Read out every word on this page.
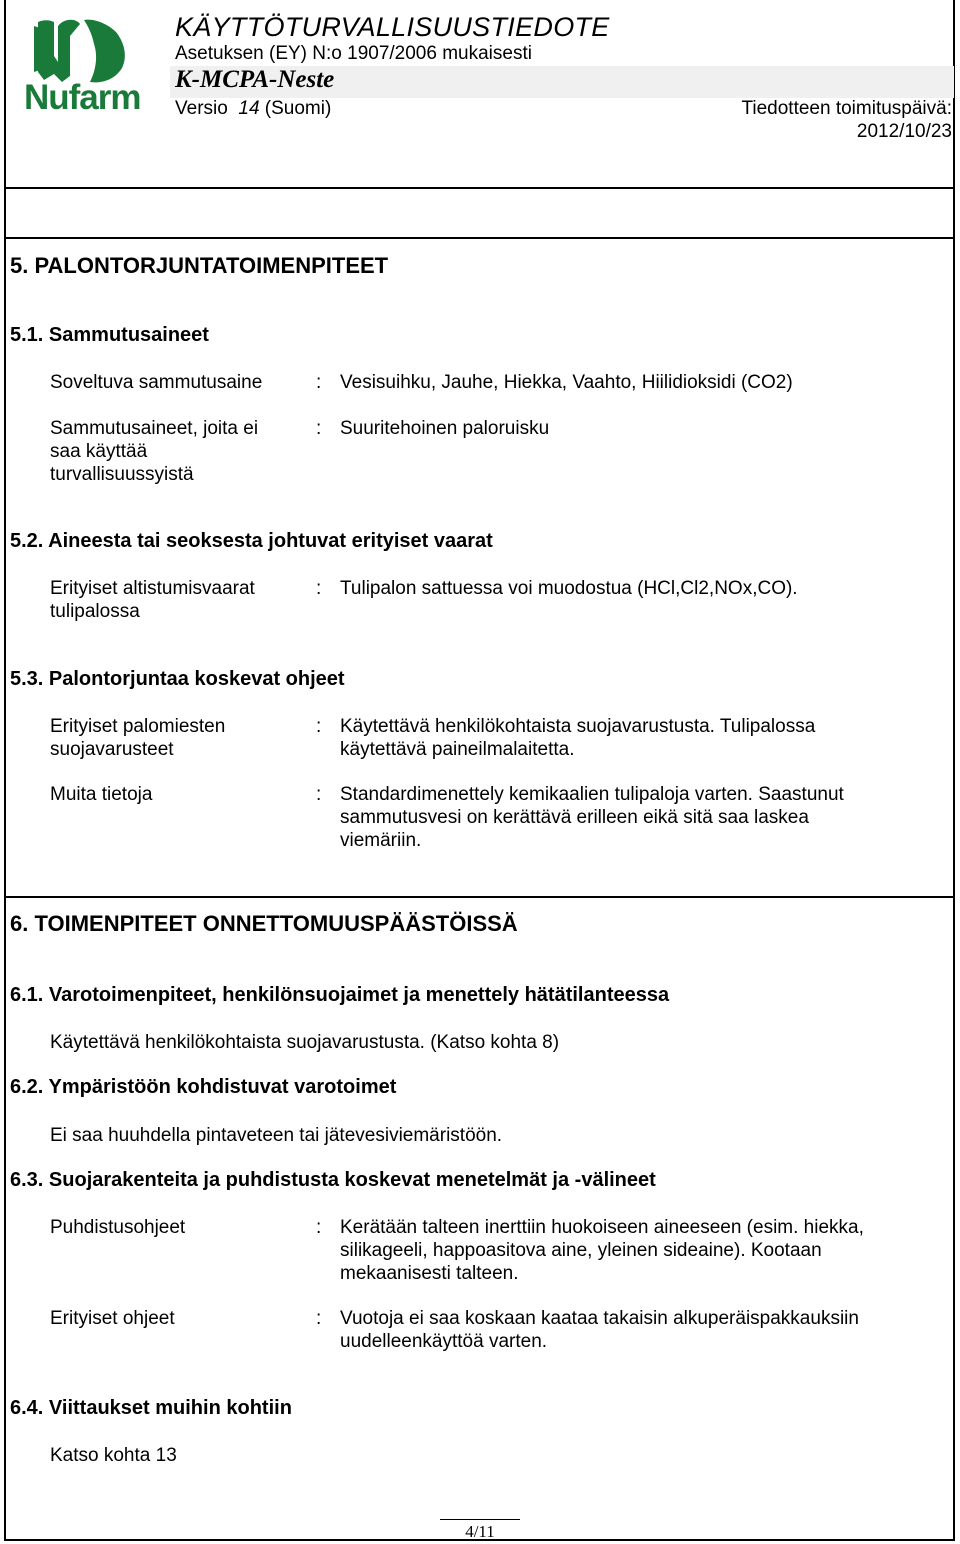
Nufarm
KÄYTTÖTURVALLISUUSTIEDOTE
Asetuksen (EY) N:o 1907/2006 mukaisesti
K-MCPA-Neste
Versio 14 (Suomi)	Tiedotteen toimituspäivä:
2012/10/23
5. PALONTORJUNTATOIMENPITEET
5.1. Sammutusaineet
Soveltuva sammutusaine	: Vesisuihku, Jauhe, Hiekka, Vaahto, Hiilidioksidi (CO2)
Sammutusaineet, joita ei
saa käyttää
turvallisuussyistä
: Suuritehoinen paloruisku
5.2. Aineesta tai seoksesta johtuvat erityiset vaarat
Erityiset altistumisvaarat
tulipalossa
: Tulipalon sattuessa voi muodostua (HCl,Cl2,NOx,CO).
5.3. Palontorjuntaa koskevat ohjeet
Erityiset palomiesten
suojavarusteet
: Käytettävä henkilökohtaista suojavarustusta. Tulipalossa
käytettävä paineilmalaitetta.
Muita tietoja	: Standardimenettely kemikaalien tulipaloja varten. Saastunut
sammutusvesi on kerättävä erilleen eikä sitä saa laskea
viemäriin.
6. TOIMENPITEET ONNETTOMUUSPÄÄSTÖISSÄ
6.1. Varotoimenpiteet, henkilönsuojaimet ja menettely hätätilanteessa
Käytettävä henkilökohtaista suojavarustusta. (Katso kohta 8)
6.2. Ympäristöön kohdistuvat varotoimet
Ei saa huuhdella pintaveteen tai jätevesiviemäristöön.
6.3. Suojarakenteita ja puhdistusta koskevat menetelmät ja -välineet
Puhdistusohjeet	: Kerätään talteen inerttiin huokoiseen aineeseen (esim. hiekka,
silikageeli, happoasitova aine, yleinen sideaine). Kootaan
mekaanisesti talteen.
Erityiset ohjeet	: Vuotoja ei saa koskaan kaataa takaisin alkuperäispakkauksiin
uudelleenkäyttöä varten.
6.4. Viittaukset muihin kohtiin
Katso kohta 13
4/11
